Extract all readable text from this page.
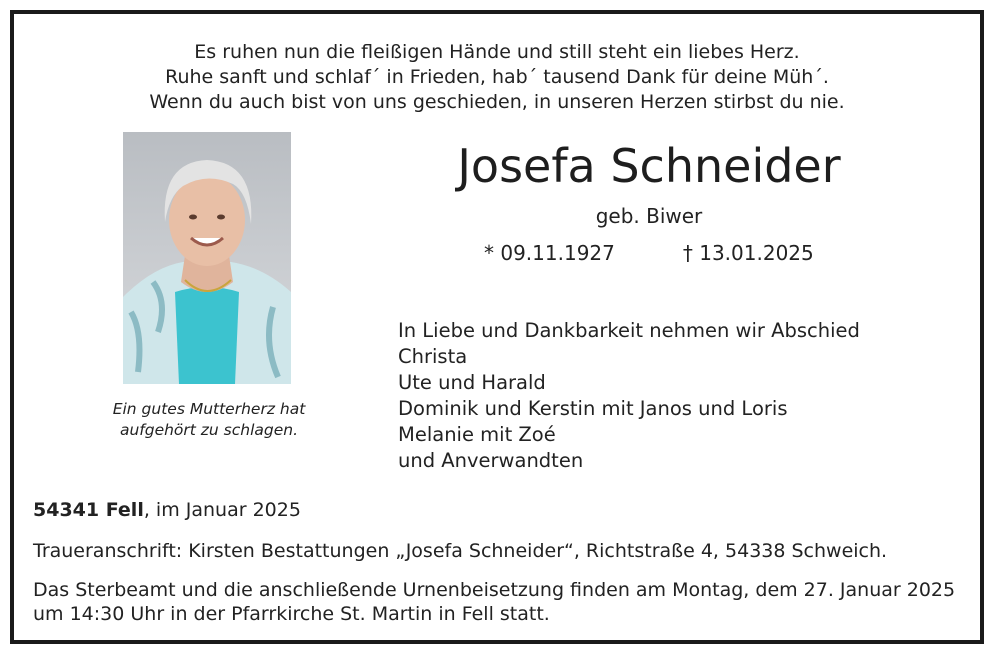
Es ruhen nun die fleißigen Hände und still steht ein liebes Herz.
Ruhe sanft und schlaf´ in Frieden, hab´ tausend Dank für deine Müh´.
Wenn du auch bist von uns geschieden, in unseren Herzen stirbst du nie.
Ein gutes Mutterherz hat
aufgehört zu schlagen.
Josefa Schneider
geb. Biwer
* 09.11.1927	† 13.01.2025
In Liebe und Dankbarkeit nehmen wir Abschied
Christa
Ute und Harald
Dominik und Kerstin mit Janos und Loris
Melanie mit Zoé
und Anverwandten
54341 Fell, im Januar 2025
Traueranschrift: Kirsten Bestattungen „Josefa Schneider“, Richtstraße 4, 54338 Schweich.
Das Sterbeamt und die anschließende Urnenbeisetzung finden am Montag, dem 27. Januar 2025 um 14:30 Uhr in der Pfarrkirche St. Martin in Fell statt.
